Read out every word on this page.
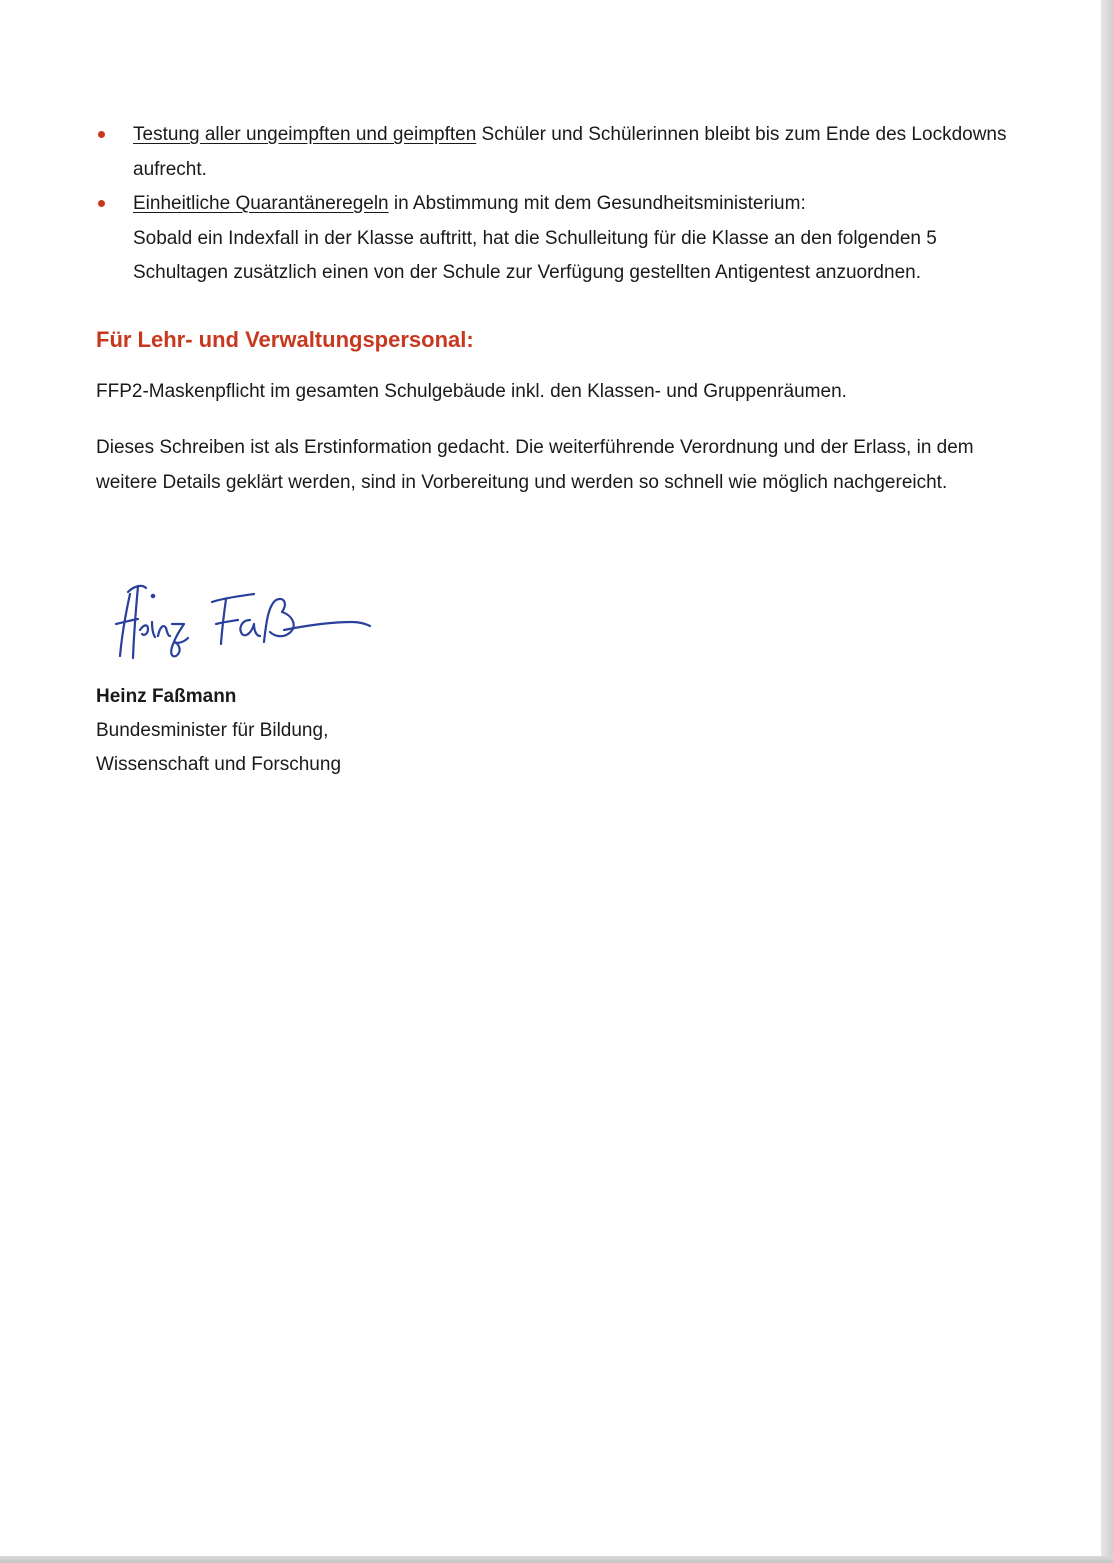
Testung aller ungeimpften und geimpften Schüler und Schülerinnen bleibt bis zum Ende des Lockdowns aufrecht.
Einheitliche Quarantäneregeln in Abstimmung mit dem Gesundheitsministerium:
Sobald ein Indexfall in der Klasse auftritt, hat die Schulleitung für die Klasse an den folgenden 5 Schultagen zusätzlich einen von der Schule zur Verfügung gestellten Antigentest anzuordnen.
Für Lehr- und Verwaltungspersonal:

FFP2-Maskenpflicht im gesamten Schulgebäude inkl. den Klassen- und Gruppenräumen.

Dieses Schreiben ist als Erstinformation gedacht. Die weiterführende Verordnung und der Erlass, in dem weitere Details geklärt werden, sind in Vorbereitung und werden so schnell wie möglich nachgereicht.

Heinz Faßmann
Bundesminister für Bildung,
Wissenschaft und Forschung
